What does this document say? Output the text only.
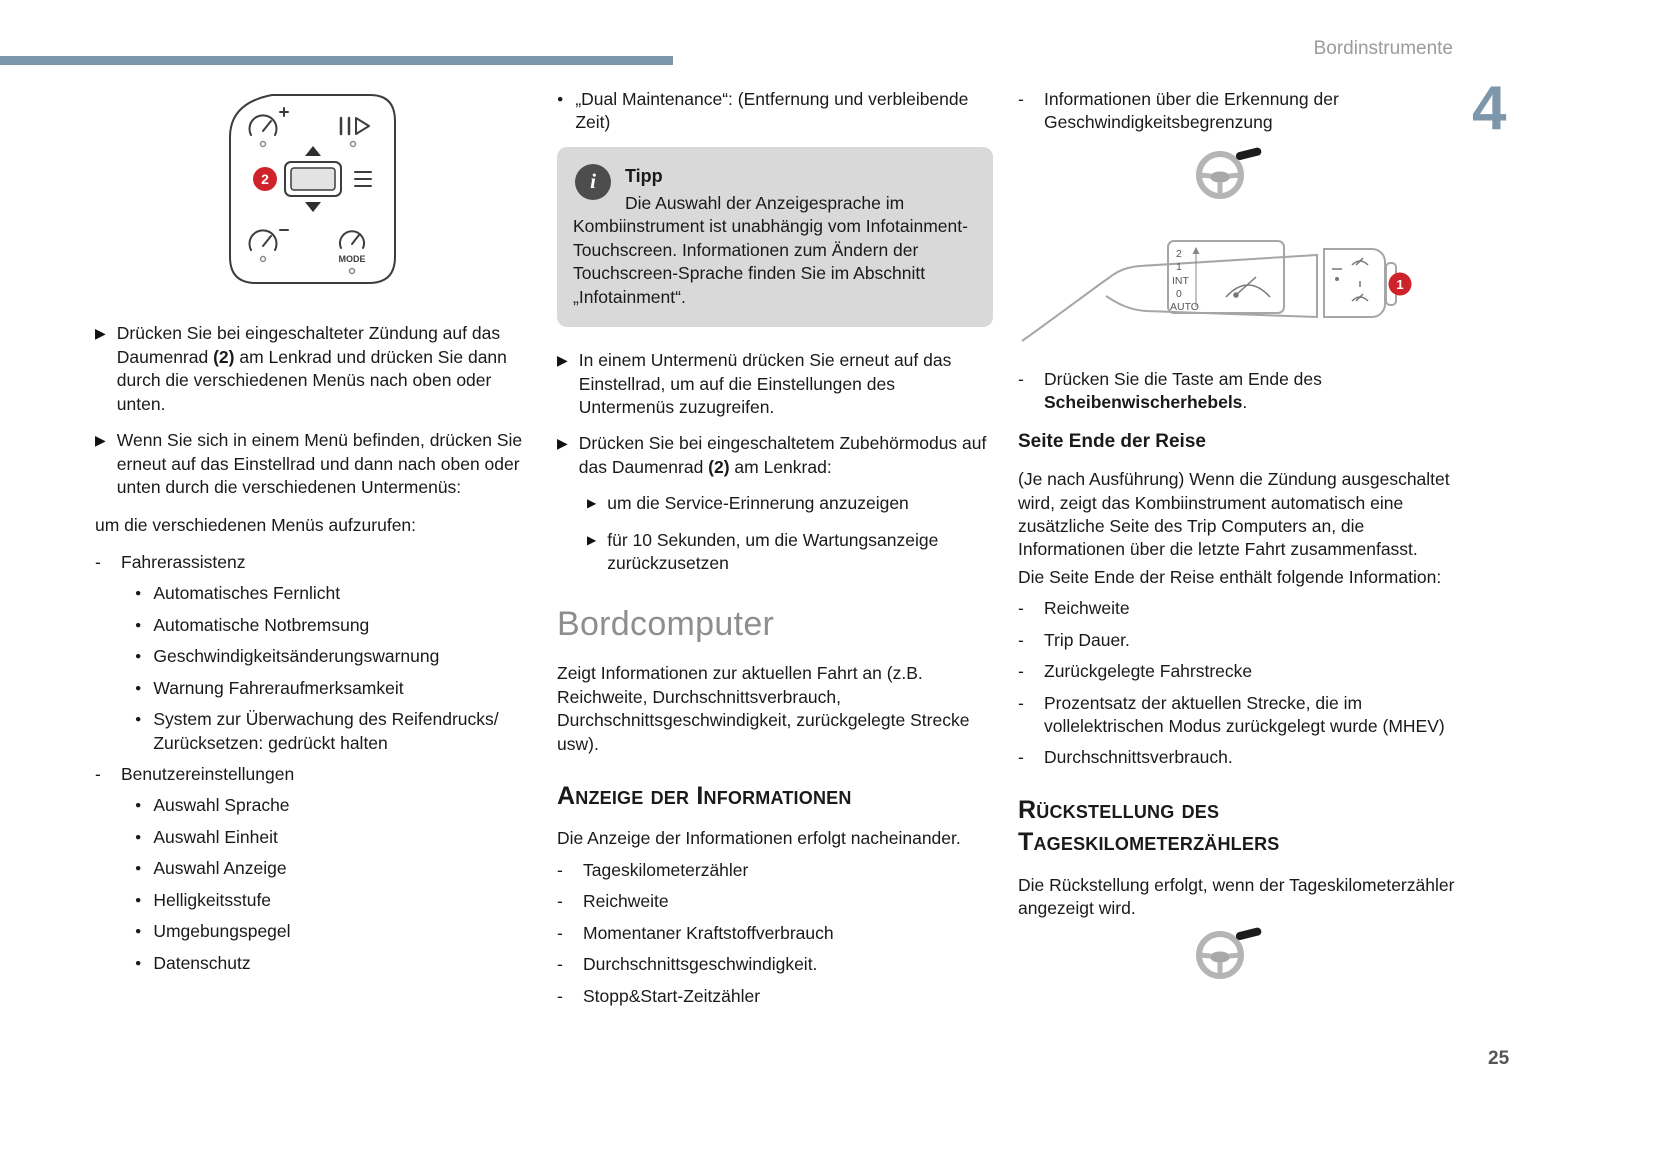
Bordinstrumente
4
25
2
MODE
▶ Drücken Sie bei eingeschalteter Zündung auf das Daumenrad (2) am Lenkrad und drücken Sie dann durch die verschiedenen Menüs nach oben oder unten.

▶ Wenn Sie sich in einem Menü befinden, drücken Sie erneut auf das Einstellrad und dann nach oben oder unten durch die verschiedenen Untermenüs:

um die verschiedenen Menüs aufzurufen:

-	Fahrerassistenz
● Automatisches Fernlicht
● Automatische Notbremsung
● Geschwindigkeitsänderungswarnung
● Warnung Fahreraufmerksamkeit
● System zur Überwachung des Reifendrucks/ Zurücksetzen: gedrückt halten
-	Benutzereinstellungen
● Auswahl Sprache
● Auswahl Einheit
● Auswahl Anzeige
● Helligkeitsstufe
● Umgebungspegel
● Datenschutz
● „Dual Maintenance“: (Entfernung und verbleibende Zeit)
i	Tipp

Die Auswahl der Anzeigesprache im Kombiinstrument ist unabhängig vom Infotainment-Touchscreen. Informationen zum Ändern der Touchscreen-Sprache finden Sie im Abschnitt „Infotainment“.

▶ In einem Untermenü drücken Sie erneut auf das Einstellrad, um auf die Einstellungen des Untermenüs zuzugreifen.

▶ Drücken Sie bei eingeschaltetem Zubehörmodus auf das Daumenrad (2) am Lenkrad:

▶ um die Service-Erinnerung anzuzeigen

▶ für 10 Sekunden, um die Wartungsanzeige zurückzusetzen

Bordcomputer

Zeigt Informationen zur aktuellen Fahrt an (z.B. Reichweite, Durchschnittsverbrauch, Durchschnittsgeschwindigkeit, zurückgelegte Strecke usw).

Anzeige der Informationen

Die Anzeige der Informationen erfolgt nacheinander.

-	Tageskilometerzähler
-	Reichweite
-	Momentaner Kraftstoffverbrauch
-	Durchschnittsgeschwindigkeit.
-	Stopp&Start-Zeitzähler
-	Informationen über die Erkennung der Geschwindigkeitsbegrenzung
2
1
INT
0
AUTO
1
-	Drücken Sie die Taste am Ende des Scheibenwischerhebels.
Seite Ende der Reise

(Je nach Ausführung) Wenn die Zündung ausgeschaltet wird, zeigt das Kombiinstrument automatisch eine zusätzliche Seite des Trip Computers an, die Informationen über die letzte Fahrt zusammenfasst.

Die Seite Ende der Reise enthält folgende Information:

-	Reichweite
-	Trip Dauer.
-	Zurückgelegte Fahrstrecke
-	Prozentsatz der aktuellen Strecke, die im vollelektrischen Modus zurückgelegt wurde (MHEV)
-	Durchschnittsverbrauch.
Rückstellung des Tageskilometerzählers

Die Rückstellung erfolgt, wenn der Tageskilometerzähler angezeigt wird.
